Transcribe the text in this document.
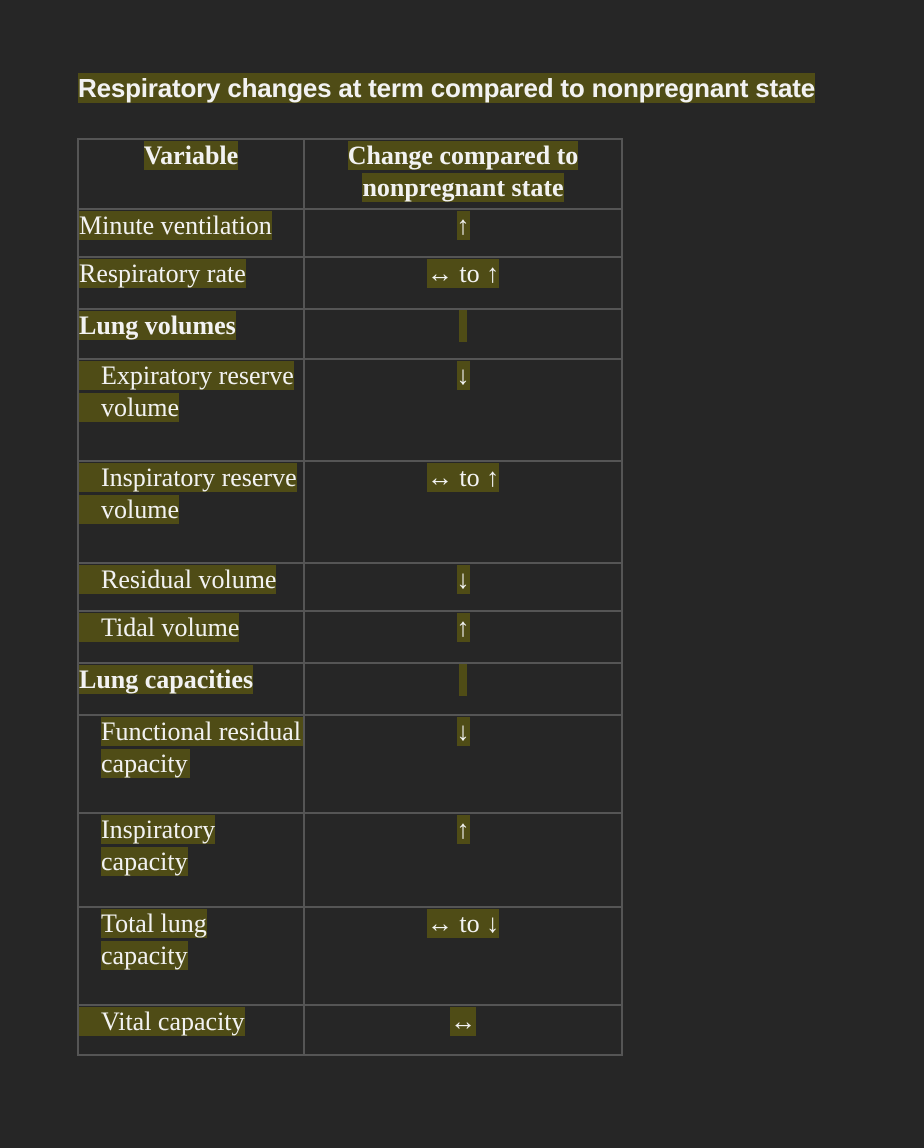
Respiratory changes at term compared to nonpregnant state
Variable	Change compared to nonpregnant state
Minute ventilation	↑
Respiratory rate	↔ to ↑
Lung volumes	
Expiratory reserve volume	↓
Inspiratory reserve volume	↔ to ↑
Residual volume	↓
Tidal volume	↑
Lung capacities	

Functional residual capacity	↓

Inspiratory capacity	↑

Total lung capacity	↔ to ↓
Vital capacity	↔
